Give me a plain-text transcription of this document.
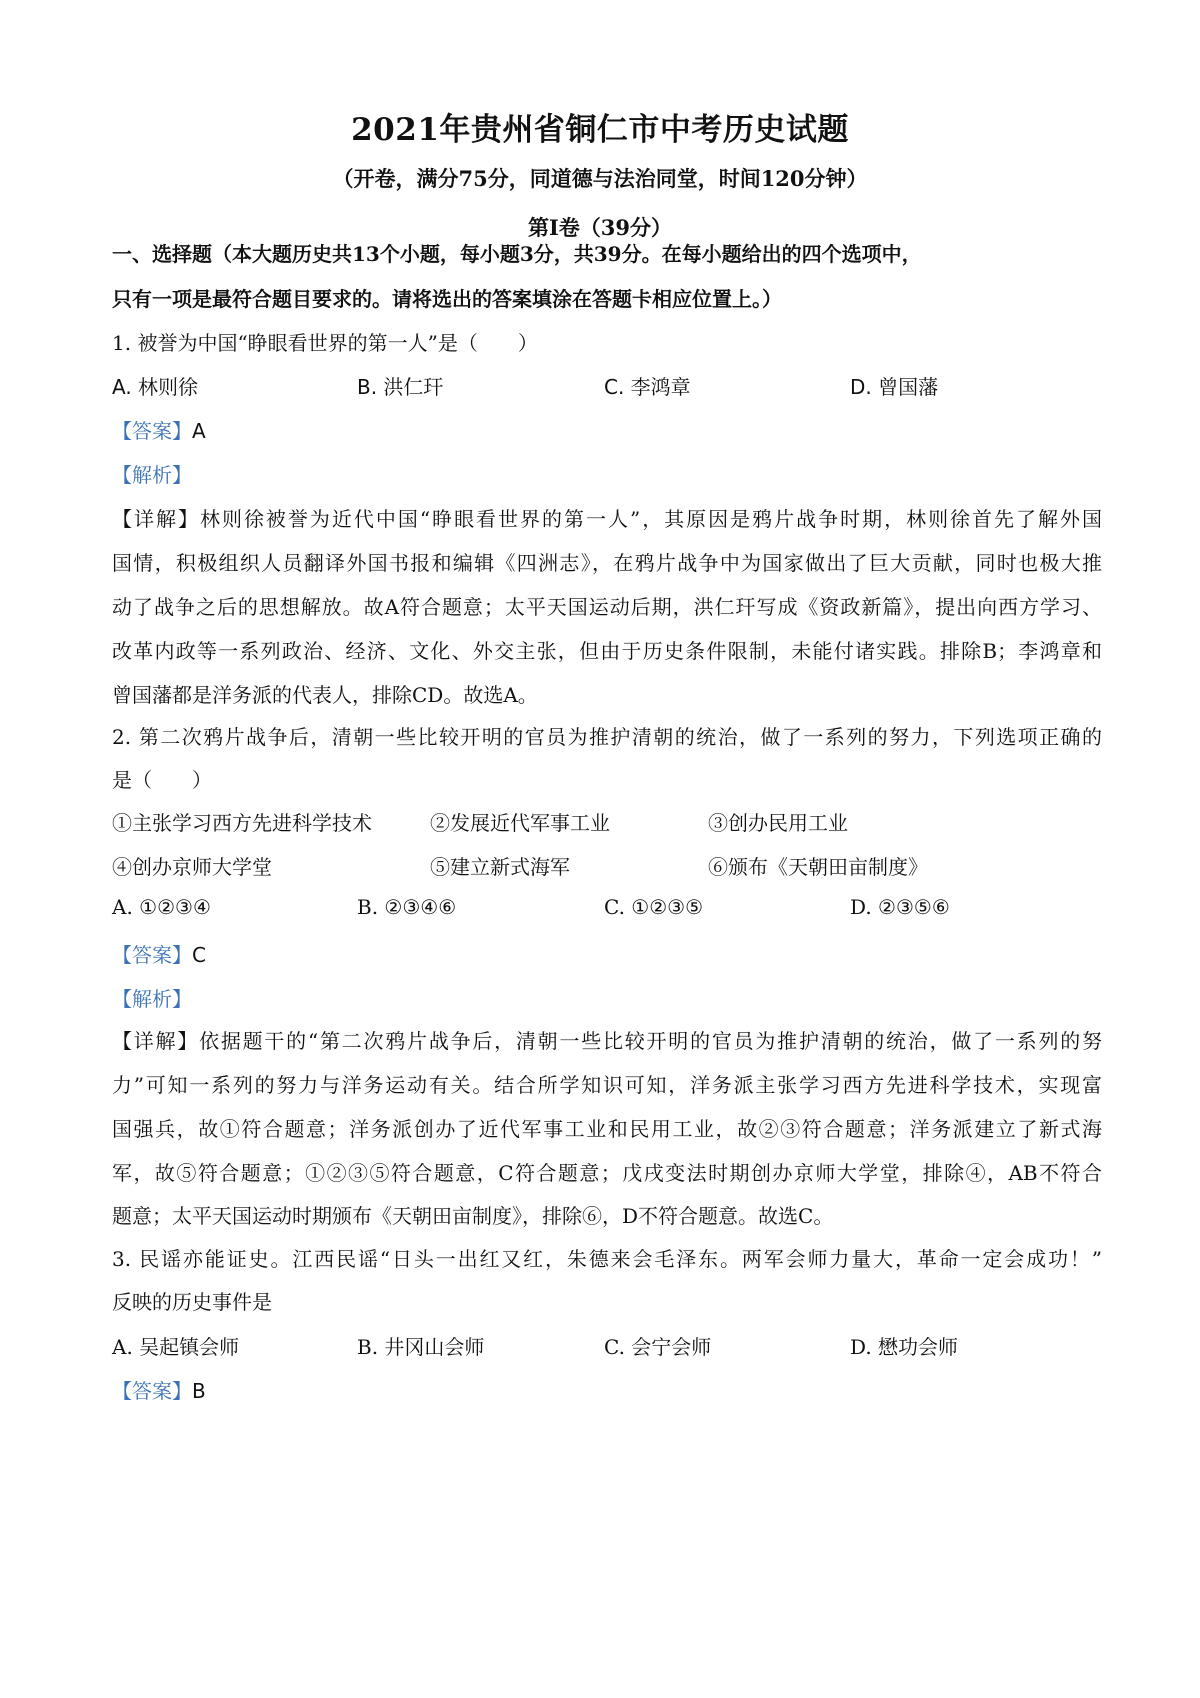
2021年贵州省铜仁市中考历史试题
（开卷，满分75分，同道德与法治同堂，时间120分钟）
第Ⅰ卷（39分）
一、选择题（本大题历史共13个小题，每小题3分，共39分。在每小题给出的四个选项中，
只有一项是最符合题目要求的。请将选出的答案填涂在答题卡相应位置上。）
1. 被誉为中国“睁眼看世界的第一人”是（　　）
A. 林则徐	B. 洪仁玕	C. 李鸿章	D. 曾国藩
【答案】A
【解析】
【详解】林则徐被誉为近代中国“睁眼看世界的第一人”，其原因是鸦片战争时期，林则徐首先了解外国
国情，积极组织人员翻译外国书报和编辑《四洲志》，在鸦片战争中为国家做出了巨大贡献，同时也极大推
动了战争之后的思想解放。故A符合题意；太平天国运动后期，洪仁玕写成《资政新篇》，提出向西方学习、
改革内政等一系列政治、经济、文化、外交主张，但由于历史条件限制，未能付诸实践。排除B；李鸿章和
曾国藩都是洋务派的代表人，排除CD。故选A。
2. 第二次鸦片战争后，清朝一些比较开明的官员为推护清朝的统治，做了一系列的努力，下列选项正确的
是（　　）
①主张学习西方先进科学技术	②发展近代军事工业	③创办民用工业
④创办京师大学堂	⑤建立新式海军	⑥颁布《天朝田亩制度》
A. ①②③④	B. ②③④⑥	C. ①②③⑤	D. ②③⑤⑥
【答案】C
【解析】
【详解】依据题干的“第二次鸦片战争后，清朝一些比较开明的官员为推护清朝的统治，做了一系列的努
力”可知一系列的努力与洋务运动有关。结合所学知识可知，洋务派主张学习西方先进科学技术，实现富
国强兵，故①符合题意；洋务派创办了近代军事工业和民用工业，故②③符合题意；洋务派建立了新式海
军，故⑤符合题意；①②③⑤符合题意，C符合题意；戊戌变法时期创办京师大学堂，排除④，AB不符合
题意；太平天国运动时期颁布《天朝田亩制度》，排除⑥，D不符合题意。故选C。
3. 民谣亦能证史。江西民谣“日头一出红又红，朱德来会毛泽东。两军会师力量大，革命一定会成功！”
反映的历史事件是
A. 吴起镇会师	B. 井冈山会师	C. 会宁会师	D. 懋功会师
【答案】B
